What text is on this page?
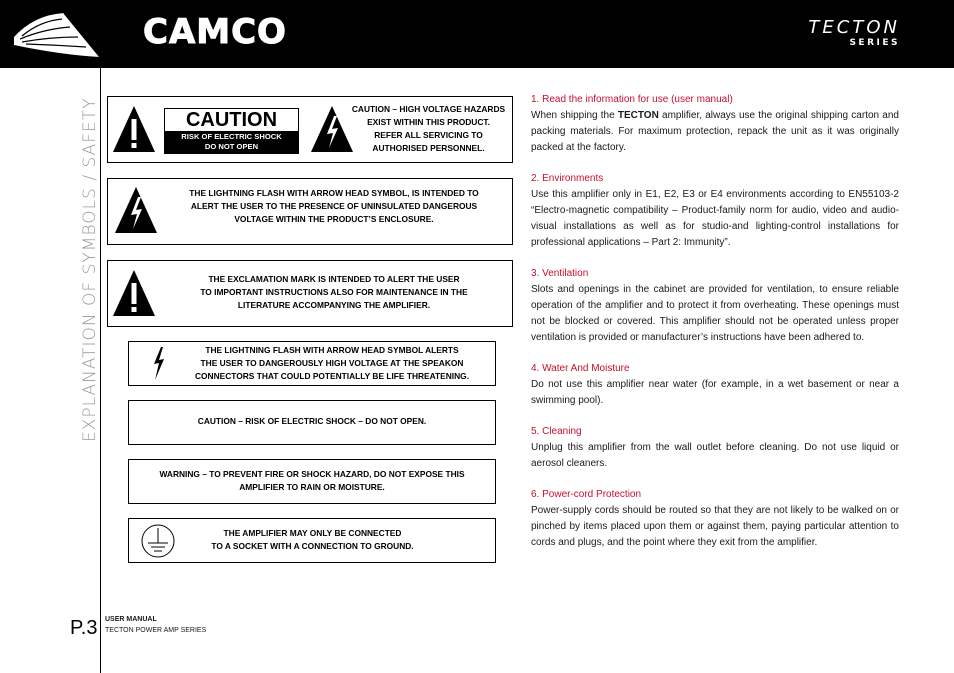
CAMCO	TECTON
SERIES
EXPLANATION OF SYMBOLS / SAFETY
P.3 USER MANUAL
TECTON POWER AMP SERIES
CAUTION
RISK OF ELECTRIC SHOCK
DO NOT OPEN
CAUTION – HIGH VOLTAGE HAZARDS
EXIST WITHIN THIS PRODUCT.
REFER ALL SERVICING TO
AUTHORISED PERSONNEL.
THE LIGHTNING FLASH WITH ARROW HEAD SYMBOL, IS INTENDED TO
ALERT THE USER TO THE PRESENCE OF UNINSULATED DANGEROUS
VOLTAGE WITHIN THE PRODUCT’S ENCLOSURE.
THE EXCLAMATION MARK IS INTENDED TO ALERT THE USER
TO IMPORTANT INSTRUCTIONS ALSO FOR MAINTENANCE IN THE
LITERATURE ACCOMPANYING THE AMPLIFIER.
THE LIGHTNING FLASH WITH ARROW HEAD SYMBOL ALERTS
THE USER TO DANGEROUSLY HIGH VOLTAGE AT THE SPEAKON
CONNECTORS THAT COULD POTENTIALLY BE LIFE THREATENING.
CAUTION – RISK OF ELECTRIC SHOCK – DO NOT OPEN.
WARNING – TO PREVENT FIRE OR SHOCK HAZARD, DO NOT EXPOSE THIS
AMPLIFIER TO RAIN OR MOISTURE.
THE AMPLIFIER MAY ONLY BE CONNECTED
TO A SOCKET WITH A CONNECTION TO GROUND.
1. Read the information for use (user manual)
When shipping the TECTON amplifier, always use the original shipping carton and packing materials. For maximum protection, repack the unit as it was originally packed at the factory.
2. Environments
Use this amplifier only in E1, E2, E3 or E4 environments according to EN55103-2 “Electro-magnetic compatibility – Product-family norm for audio, video and audio-visual installations as well as for studio-and lighting-control installations for professional applications – Part 2: Immunity”.
3. Ventilation
Slots and openings in the cabinet are provided for ventilation, to ensure reliable operation of the amplifier and to protect it from overheating. These openings must not be blocked or covered. This amplifier should not be operated unless proper ventilation is provided or manufacturer’s instructions have been adhered to.
4. Water And Moisture
Do not use this amplifier near water (for example, in a wet basement or near a swimming pool).
5. Cleaning
Unplug this amplifier from the wall outlet before cleaning. Do not use liquid or aerosol cleaners.
6. Power-cord Protection
Power-supply cords should be routed so that they are not likely to be walked on or pinched by items placed upon them or against them, paying particular attention to cords and plugs, and the point where they exit from the amplifier.
